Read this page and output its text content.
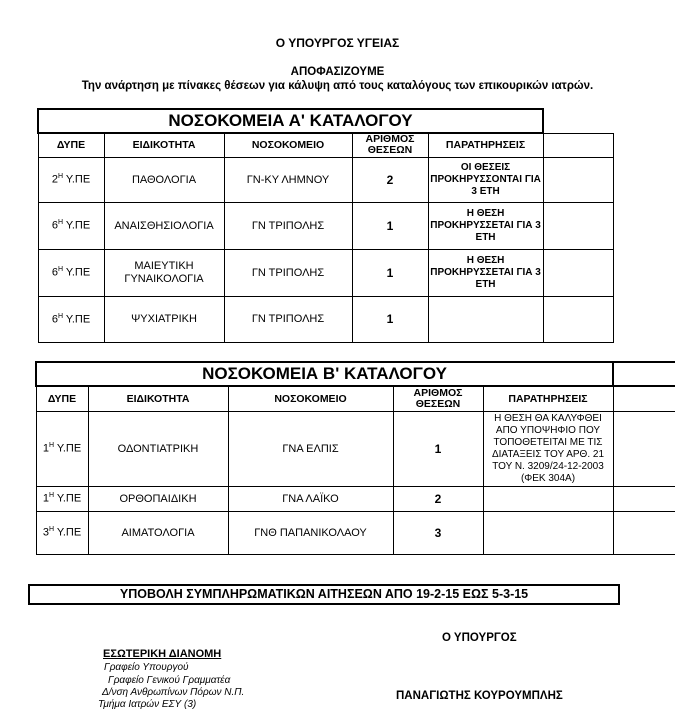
Ο ΥΠΟΥΡΓΟΣ ΥΓΕΙΑΣ
ΑΠΟΦΑΣΙΖΟΥΜΕ
Την ανάρτηση με πίνακες θέσεων για κάλυψη από τους καταλόγους των επικουρικών ιατρών.
ΝΟΣΟΚΟΜΕΙΑ Α' ΚΑΤΑΛΟΓΟΥ					
ΔΥΠΕ	ΕΙΔΙΚΟΤΗΤΑ	ΝΟΣΟΚΟΜΕΙΟ	ΑΡΙΘΜΟΣ
ΘΕΣΕΩΝ	ΠΑΡΑΤΗΡΗΣΕΙΣ	
$2^H$ Υ.ΠΕ	ΠΑΘΟΛΟΓΙΑ	ΓΝ-ΚΥ ΛΗΜΝΟΥ	2	ΟΙ ΘΕΣΕΙΣ ΠΡΟΚΗΡΥΣΣΟΝΤΑΙ ΓΙΑ 3 ΕΤΗ	
$6^H$ Υ.ΠΕ	ΑΝΑΙΣΘΗΣΙΟΛΟΓΙΑ	ΓΝ ΤΡΙΠΟΛΗΣ	1	Η ΘΕΣΗ ΠΡΟΚΗΡΥΣΣΕΤΑΙ ΓΙΑ 3 ΕΤΗ	
$6^H$ Υ.ΠΕ	ΜΑΙΕΥΤΙΚΗ ΓΥΝΑΙΚΟΛΟΓΙΑ	ΓΝ ΤΡΙΠΟΛΗΣ	1	Η ΘΕΣΗ ΠΡΟΚΗΡΥΣΣΕΤΑΙ ΓΙΑ 3 ΕΤΗ	
$6^H$ Υ.ΠΕ	ΨΥΧΙΑΤΡΙΚΗ	ΓΝ ΤΡΙΠΟΛΗΣ	1		
ΝΟΣΟΚΟΜΕΙΑ Β' ΚΑΤΑΛΟΓΟΥ					
ΔΥΠΕ	ΕΙΔΙΚΟΤΗΤΑ	ΝΟΣΟΚΟΜΕΙΟ	ΑΡΙΘΜΟΣ
ΘΕΣΕΩΝ	ΠΑΡΑΤΗΡΗΣΕΙΣ	
$1^H$ Υ.ΠΕ	ΟΔΟΝΤΙΑΤΡΙΚΗ	ΓΝΑ ΕΛΠΙΣ	1	Η ΘΕΣΗ ΘΑ ΚΑΛΥΦΘΕΙ ΑΠΟ ΥΠΟΨΗΦΙΟ ΠΟΥ ΤΟΠΟΘΕΤΕΙΤΑΙ ΜΕ ΤΙΣ ΔΙΑΤΑΞΕΙΣ ΤΟΥ ΑΡΘ. 21 ΤΟΥ Ν. 3209/24-12-2003 (ΦΕΚ 304Α)	
$1^H$ Υ.ΠΕ	ΟΡΘΟΠΑΙΔΙΚΗ	ΓΝΑ ΛΑΪΚΟ	2		
$3^H$ Υ.ΠΕ	ΑΙΜΑΤΟΛΟΓΙΑ	ΓΝΘ ΠΑΠΑΝΙΚΟΛΑΟΥ	3		
ΥΠΟΒΟΛΗ ΣΥΜΠΛΗΡΩΜΑΤΙΚΩΝ ΑΙΤΗΣΕΩΝ ΑΠΟ 19-2-15 ΕΩΣ 5-3-15
ΕΣΩΤΕΡΙΚΗ ΔΙΑΝΟΜΗ
Γραφείο Υπουργού
Γραφείο Γενικού Γραμματέα
Δ/νση Ανθρωπίνων Πόρων Ν.Π.
Τμήμα Ιατρών ΕΣΥ (3)
Ο ΥΠΟΥΡΓΟΣ
ΠΑΝΑΓΙΩΤΗΣ ΚΟΥΡΟΥΜΠΛΗΣ
